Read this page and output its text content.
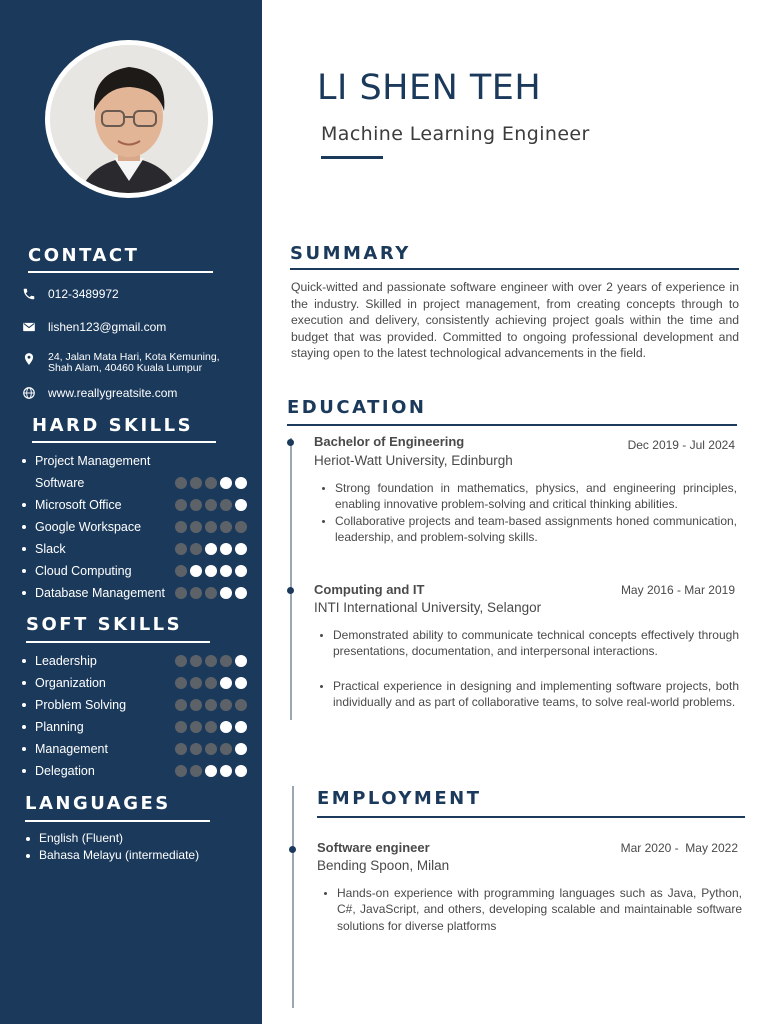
CONTACT
012-3489972
lishen123@gmail.com
24, Jalan Mata Hari, Kota Kemuning,
Shah Alam, 40460 Kuala Lumpur
www.reallygreatsite.com
HARD SKILLS
Project Management
Software
Microsoft Office
Google Workspace
Slack
Cloud Computing
Database Management
SOFT SKILLS
Leadership
Organization
Problem Solving
Planning
Management
Delegation
LANGUAGES
English (Fluent)
Bahasa Melayu (intermediate)
LI SHEN TEH
Machine Learning Engineer
SUMMARY

Quick-witted and passionate software engineer with over 2 years of experience in the industry. Skilled in project management, from creating concepts through to execution and delivery, consistently achieving project goals within the time and budget that was provided. Committed to ongoing professional development and staying open to the latest technological advancements in the field.

EDUCATION
Bachelor of Engineering	Dec 2019 - Jul 2024
Heriot-Watt University, Edinburgh
Strong foundation in mathematics, physics, and engineering principles, enabling innovative problem-solving and critical thinking abilities.
Collaborative projects and team-based assignments honed communication, leadership, and problem-solving skills.
Computing and IT	May 2016 - Mar 2019
INTI International University, Selangor
Demonstrated ability to communicate technical concepts effectively through presentations, documentation, and interpersonal interactions.
Practical experience in designing and implementing software projects, both individually and as part of collaborative teams, to solve real-world problems.
EMPLOYMENT
Software engineer	Mar 2020 -  May 2022
Bending Spoon, Milan
Hands-on experience with programming languages such as Java, Python, C#, JavaScript, and others, developing scalable and maintainable software solutions for diverse platforms
